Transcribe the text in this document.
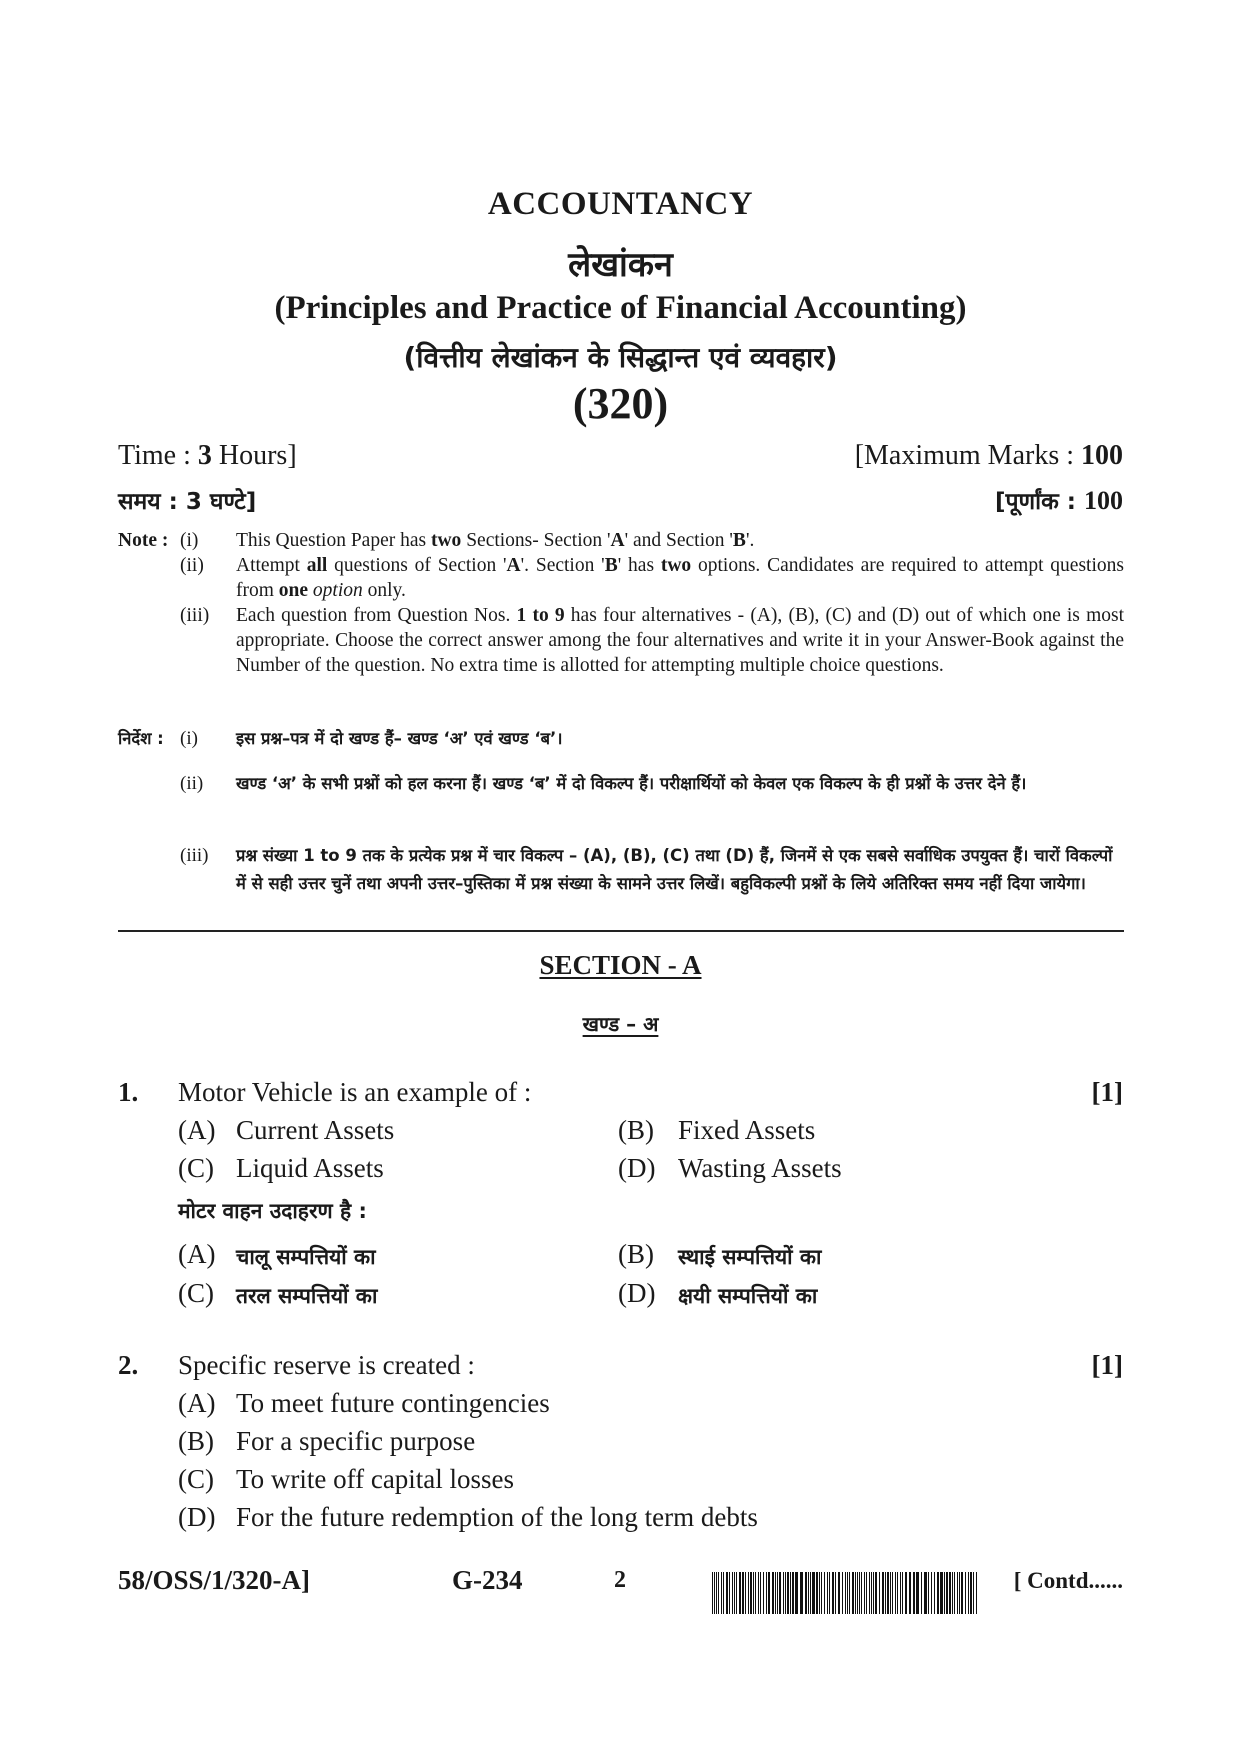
ACCOUNTANCY
लेखांकन
(Principles and Practice of Financial Accounting)
(वित्तीय लेखांकन के सिद्धान्त एवं व्यवहार)
(320)
Time : 3 Hours]	[Maximum Marks : 100
समय : 3 घण्टे]	[पूर्णांक : 100
Note : (i) This Question Paper has two Sections- Section 'A' and Section 'B'.
(ii) Attempt all questions of Section 'A'. Section 'B' has two options. Candidates are required to attempt questions from one option only.
(iii) Each question from Question Nos. 1 to 9 has four alternatives - (A), (B), (C) and (D) out of which one is most appropriate. Choose the correct answer among the four alternatives and write it in your Answer-Book against the Number of the question. No extra time is allotted for attempting multiple choice questions.
निर्देश : (i) इस प्रश्न–पत्र में दो खण्ड हैं– खण्ड ‘अ’ एवं खण्ड ‘ब’।
(ii) खण्ड ‘अ’ के सभी प्रश्नों को हल करना हैं। खण्ड ‘ब’ में दो विकल्प हैं। परीक्षार्थियों को केवल एक विकल्प के ही प्रश्नों के उत्तर देने हैं।
(iii) प्रश्न संख्या 1 to 9 तक के प्रत्येक प्रश्न में चार विकल्प – (A), (B), (C) तथा (D) हैं, जिनमें से एक सबसे सर्वाधिक उपयुक्त हैं। चारों विकल्पों में से सही उत्तर चुनें तथा अपनी उत्तर–पुस्तिका में प्रश्न संख्या के सामने उत्तर लिखें। बहुविकल्पी प्रश्नों के लिये अतिरिक्त समय नहीं दिया जायेगा।
SECTION - A
खण्ड – अ
1. Motor Vehicle is an example of :	[1]
(A) Current Assets	(B) Fixed Assets
(C) Liquid Assets	(D) Wasting Assets
मोटर वाहन उदाहरण है :
(A) चालू सम्पत्तियों का	(B) स्थाई सम्पत्तियों का
(C) तरल सम्पत्तियों का	(D) क्षयी सम्पत्तियों का
2. Specific reserve is created :	[1]
(A) To meet future contingencies
(B) For a specific purpose
(C) To write off capital losses
(D) For the future redemption of the long term debts
58/OSS/1/320-A]	G-234	2	[ Contd......
